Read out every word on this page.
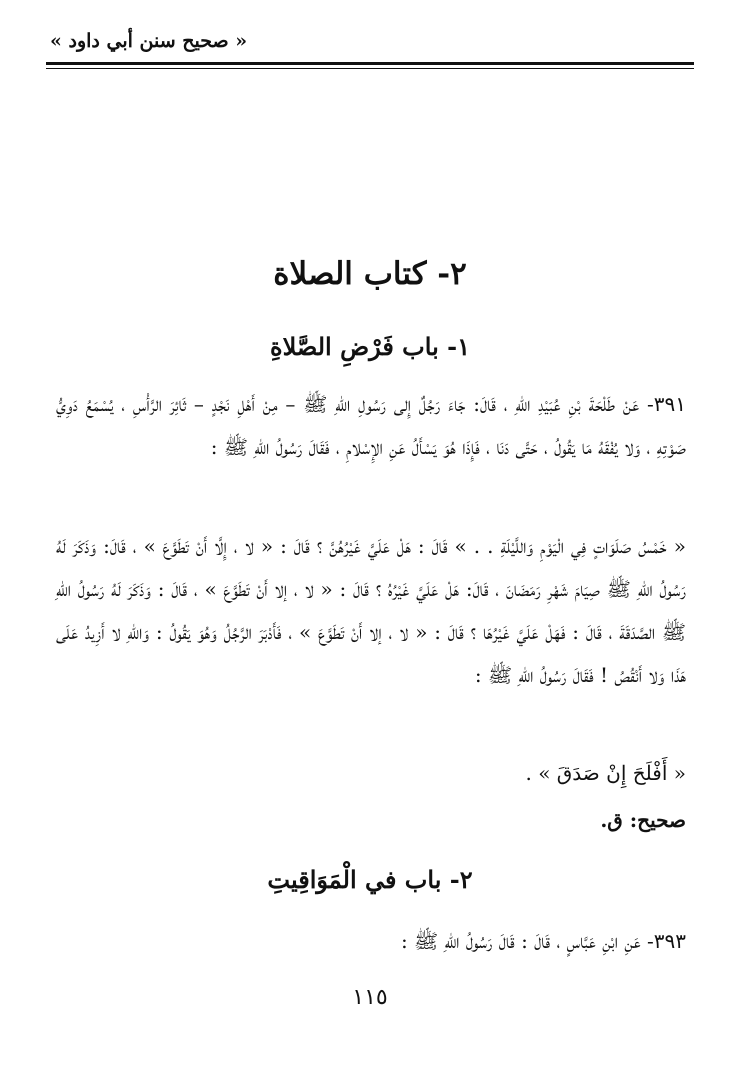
« صحيح سنن أبي داود »
٢- كتاب الصلاة
١- باب فَرْضِ الصَّلاةِ
٣٩١- عَنْ طَلْحَةَ بْنِ عُبَيْدِ اللهِ ، قَالَ: جَاءَ رَجُلٌ إِلى رَسُولِ اللهِ ﷺ – مِنْ أَهْلِ نَجْدٍ – ثَائِرَ الرَّأْسِ ، يُسْمَعُ دَوِيُّ صَوْتِهِ ، وَلا يُفْقَهُ مَا يَقُولُ ، حَتَّى دَنَا ، فَإِذَا هُوَ يَسْأَلُ عَنِ الإِسْلامِ ، فَقَالَ رَسُولُ اللهِ ﷺ :
« خَمْسُ صَلَوَاتٍ فِي الْيَوْمِ وَاللَّيْلَةِ . . » قَالَ : هَلْ عَلَيَّ غَيْرُهُنَّ ؟ قَالَ : « لا ، إِلَّا أَنْ تَطَوَّعَ » ، قَالَ: وَذَكَرَ لَهُ رَسُولُ اللهِ ﷺ صِيَامَ شَهْرِ رَمَضَانَ ، قَالَ: هَلْ عَلَيَّ غَيْرُهُ ؟ قَالَ : « لا ، إلا أَنْ تَطَوَّعَ » ، قَالَ : وَذَكَرَ لَهُ رَسُولُ اللهِ ﷺ الصَّدَقَةَ ، قَالَ : فَهَلْ عَلَيَّ غَيْرُهَا ؟ قَالَ : « لا ، إلا أَنْ تَطَوَّعَ » ، فَأَدْبَرَ الرَّجُلُ وَهُوَ يَقُولُ : وَاللهِ لا أَزِيدُ عَلَى هَذَا وَلا أَنْقُصُ ! فَقَالَ رَسُولُ اللهِ ﷺ :
« أَفْلَحَ إِنْ صَدَقَ » .
صحيح: ق.
٢- باب في الْمَوَاقِيتِ
٣٩٣- عَنِ ابْنِ عَبَّاسٍ ، قَالَ : قَالَ رَسُولُ اللهِ ﷺ :
١١٥
